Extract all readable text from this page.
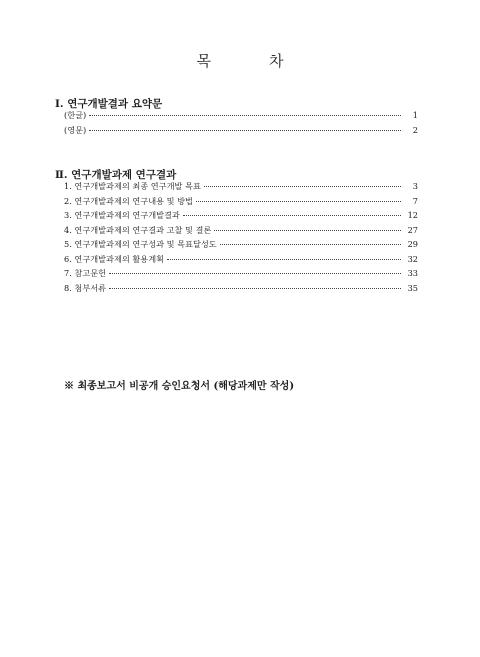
목	차
Ⅰ. 연구개발결과 요약문
(한글)	1
(영문)	2
Ⅱ. 연구개발과제 연구결과
1. 연구개발과제의 최종 연구개발 목표	3
2. 연구개발과제의 연구내용 및 방법	7
3. 연구개발과제의 연구개발결과	12
4. 연구개발과제의 연구결과 고찰 및 결론	27
5. 연구개발과제의 연구성과 및 목표달성도	29
6. 연구개발과제의 활용계획	32
7. 참고문헌	33
8. 첨부서류	35
※ 최종보고서 비공개 승인요청서 (해당과제만 작성)
